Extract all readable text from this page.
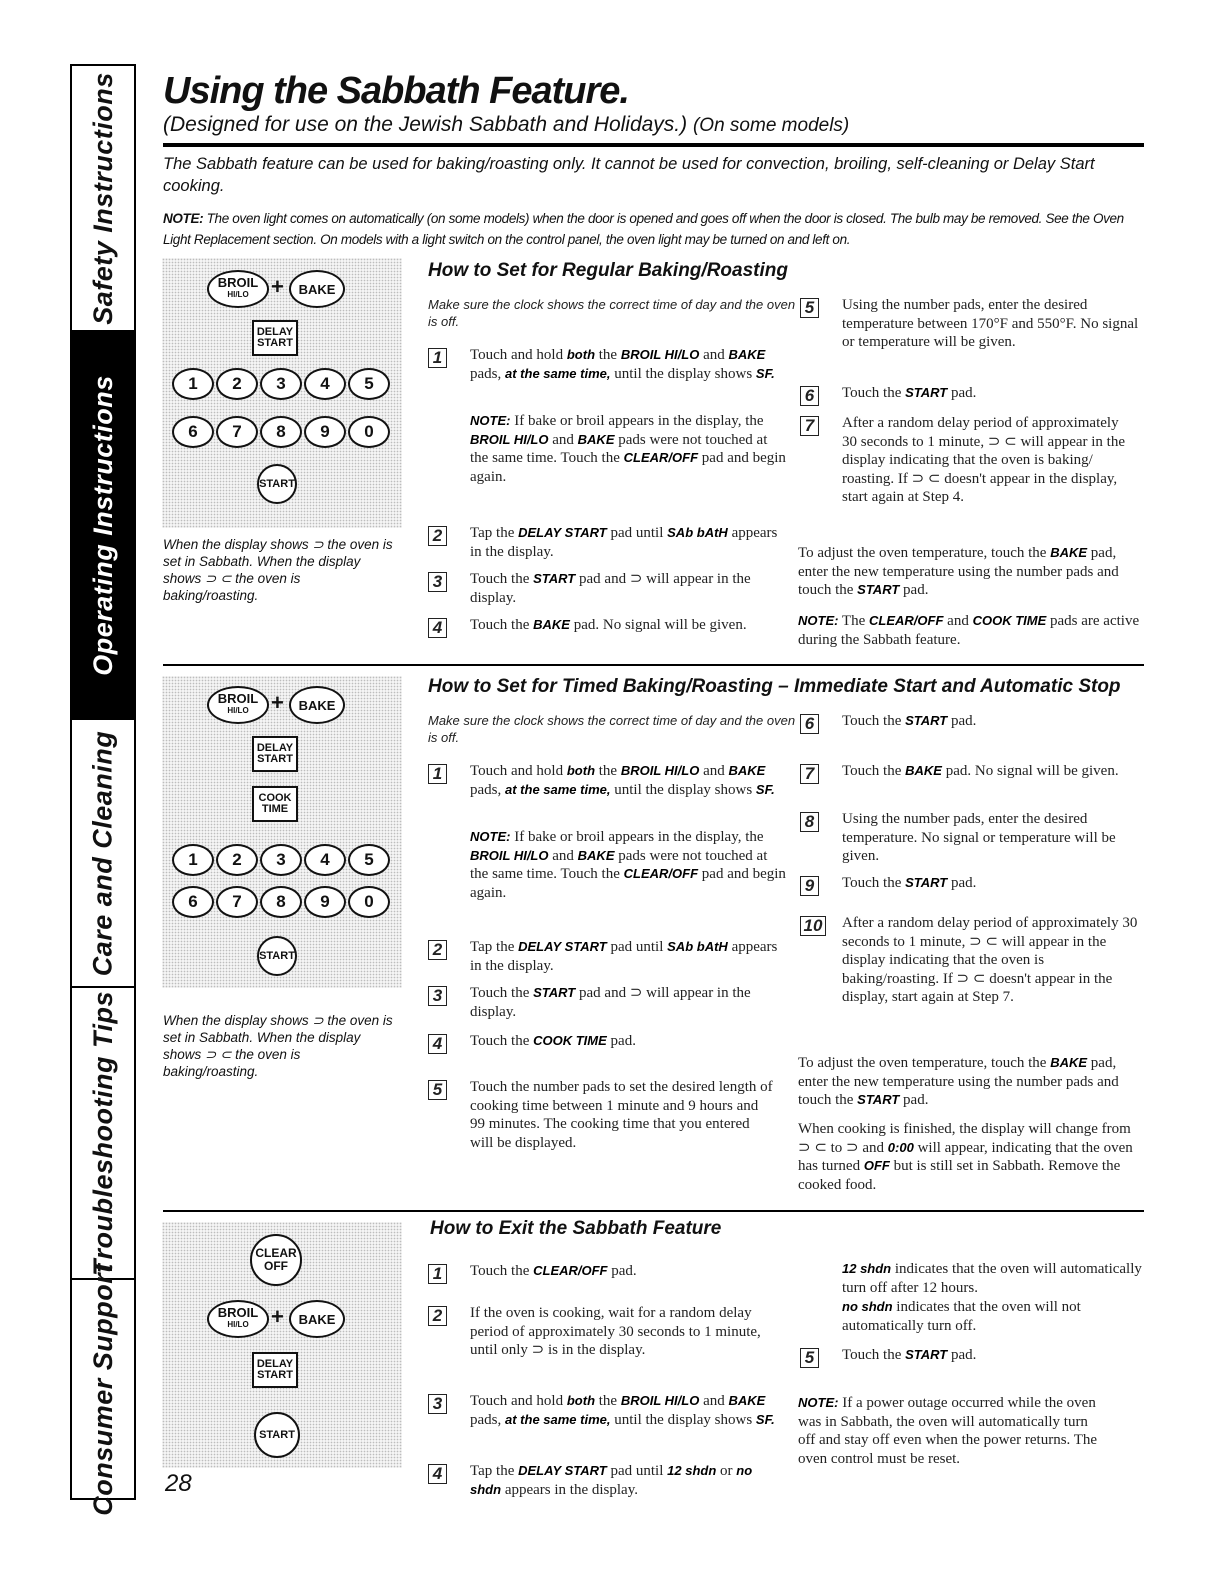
Safety Instructions
Operating Instructions
Care and Cleaning
Troubleshooting Tips
Consumer Support
Using the Sabbath Feature.
(Designed for use on the Jewish Sabbath and Holidays.) (On some models)
The Sabbath feature can be used for baking/roasting only. It cannot be used for convection, broiling, self-cleaning or Delay Start cooking.
NOTE: The oven light comes on automatically (on some models) when the door is opened and goes off when the door is closed. The bulb may be removed. See the Oven Light Replacement section. On models with a light switch on the control panel, the oven light may be turned on and left on.
BROIL
HI/LO +	BAKE
DELAY
START
1	2	3	4	5
6	7	8	9	0
START
When the display shows ⊃ the oven is set in Sabbath. When the display shows ⊃ ⊂ the oven is baking/roasting.
How to Set for Regular Baking/Roasting
Make sure the clock shows the correct time of day and the oven is off.
1	Touch and hold both the BROIL HI/LO and BAKE pads, at the same time, until the display shows SF.
NOTE: If bake or broil appears in the display, the BROIL HI/LO and BAKE pads were not touched at the same time. Touch the CLEAR/OFF pad and begin again.
2	Tap the DELAY START pad until SAb bAtH appears in the display.
3	Touch the START pad and ⊃ will appear in the display.
4	Touch the BAKE pad. No signal will be given.
5	Using the number pads, enter the desired temperature between 170°F and 550°F. No signal or temperature will be given.
6	Touch the START pad.
7	After a random delay period of approximately 30 seconds to 1 minute, ⊃ ⊂ will appear in the display indicating that the oven is baking/ roasting. If ⊃ ⊂ doesn't appear in the display, start again at Step 4.
To adjust the oven temperature, touch the BAKE pad, enter the new temperature using the number pads and touch the START pad.
NOTE: The CLEAR/OFF and COOK TIME pads are active during the Sabbath feature.
BROIL
HI/LO +	BAKE
DELAY
START
COOK
TIME
1	2	3	4	5
6	7	8	9	0
START
When the display shows ⊃ the oven is set in Sabbath. When the display shows ⊃ ⊂ the oven is baking/roasting.
How to Set for Timed Baking/Roasting – Immediate Start and Automatic Stop
Make sure the clock shows the correct time of day and the oven is off.
1	Touch and hold both the BROIL HI/LO and BAKE pads, at the same time, until the display shows SF.
NOTE: If bake or broil appears in the display, the BROIL HI/LO and BAKE pads were not touched at the same time. Touch the CLEAR/OFF pad and begin again.
2	Tap the DELAY START pad until SAb bAtH appears in the display.
3	Touch the START pad and ⊃ will appear in the display.
4	Touch the COOK TIME pad.
5	Touch the number pads to set the desired length of cooking time between 1 minute and 9 hours and 99 minutes. The cooking time that you entered will be displayed.
6	Touch the START pad.
7	Touch the BAKE pad. No signal will be given.
8	Using the number pads, enter the desired temperature. No signal or temperature will be given.
9	Touch the START pad.
10 After a random delay period of approximately 30 seconds to 1 minute, ⊃ ⊂ will appear in the display indicating that the oven is baking/roasting. If ⊃ ⊂ doesn't appear in the display, start again at Step 7.
To adjust the oven temperature, touch the BAKE pad, enter the new temperature using the number pads and touch the START pad.
When cooking is finished, the display will change from ⊃ ⊂ to ⊃ and 0:00 will appear, indicating that the oven has turned OFF but is still set in Sabbath. Remove the cooked food.
CLEAR
OFF
BROIL
HI/LO +	BAKE
DELAY
START
START
How to Exit the Sabbath Feature
1	Touch the CLEAR/OFF pad.
2	If the oven is cooking, wait for a random delay period of approximately 30 seconds to 1 minute, until only ⊃ is in the display.
3	Touch and hold both the BROIL HI/LO and BAKE pads, at the same time, until the display shows SF.
4	Tap the DELAY START pad until 12 shdn or no shdn appears in the display.
12 shdn indicates that the oven will automatically turn off after 12 hours.
no shdn indicates that the oven will not automatically turn off.
5	Touch the START pad.
NOTE: If a power outage occurred while the oven was in Sabbath, the oven will automatically turn off and stay off even when the power returns. The oven control must be reset.
28
